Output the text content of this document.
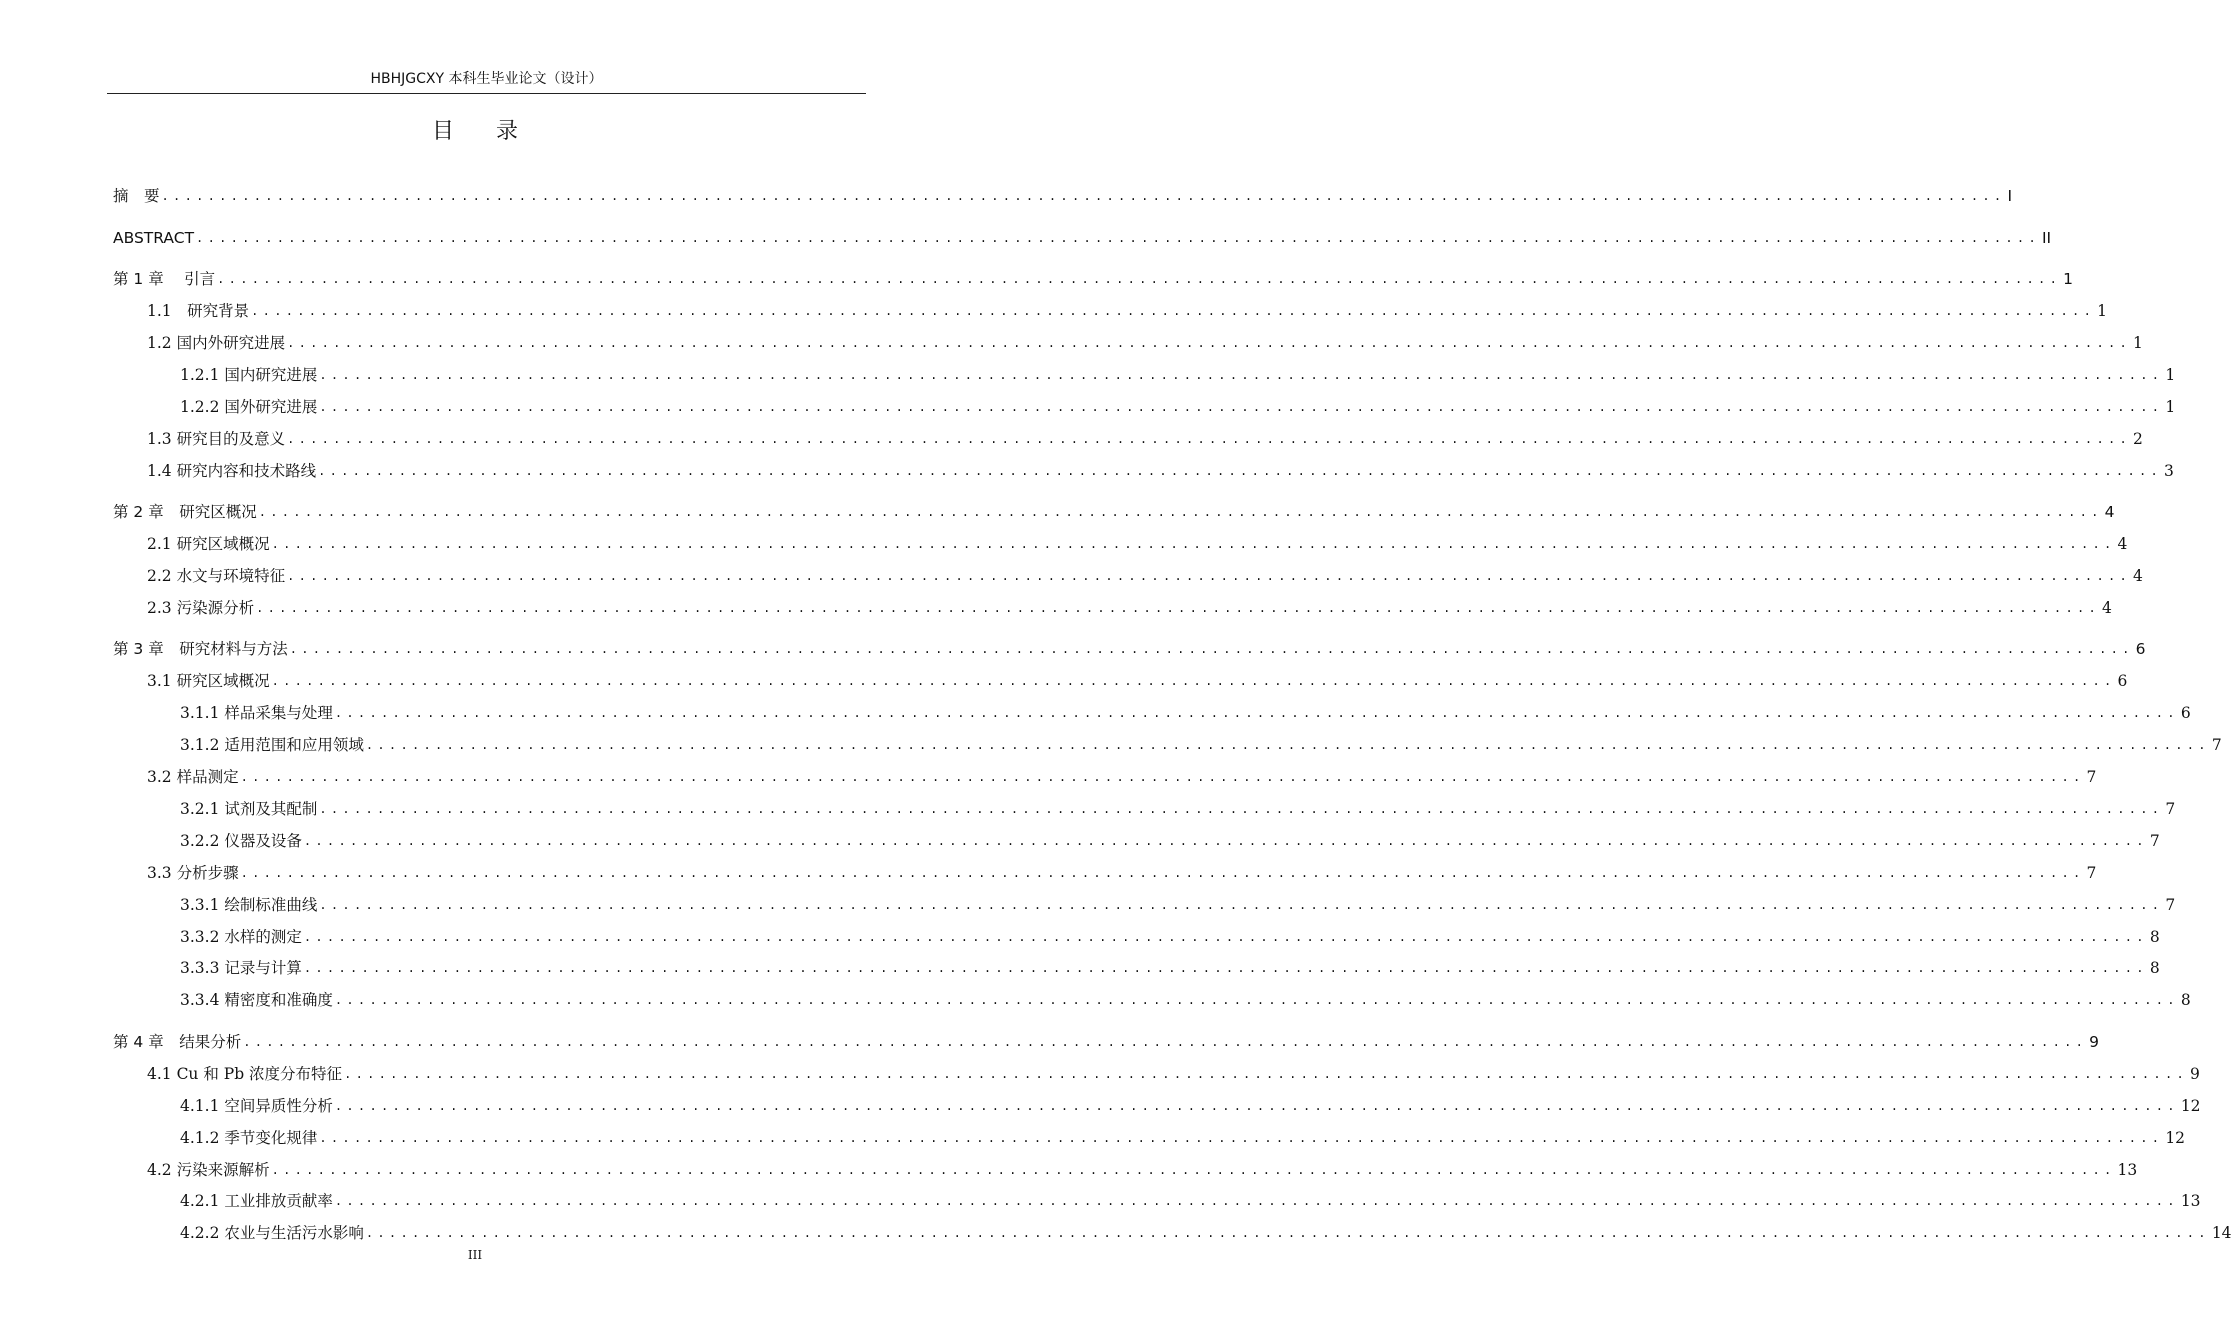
HBHJGCXY 本科生毕业论文（设计）
目录
摘　要 ................................................................................................................................................................ I
ABSTRACT ................................................................................................................................................................ II
第 1 章　 引言 ................................................................................................................................................................ 1
1.1　研究背景 ................................................................................................................................................................ 1
1.2 国内外研究进展 ................................................................................................................................................................ 1
1.2.1 国内研究进展 ................................................................................................................................................................ 1
1.2.2 国外研究进展 ................................................................................................................................................................ 1
1.3 研究目的及意义 ................................................................................................................................................................ 2
1.4 研究内容和技术路线 ................................................................................................................................................................ 3
第 2 章　研究区概况 ................................................................................................................................................................ 4
2.1 研究区域概况 ................................................................................................................................................................ 4
2.2 水文与环境特征 ................................................................................................................................................................ 4
2.3 污染源分析 ................................................................................................................................................................ 4
第 3 章　研究材料与方法 ................................................................................................................................................................ 6
3.1 研究区域概况 ................................................................................................................................................................ 6
3.1.1 样品采集与处理 ................................................................................................................................................................ 6
3.1.2 适用范围和应用领域 ................................................................................................................................................................ 7
3.2 样品测定 ................................................................................................................................................................ 7
3.2.1 试剂及其配制 ................................................................................................................................................................ 7
3.2.2 仪器及设备 ................................................................................................................................................................ 7
3.3 分析步骤 ................................................................................................................................................................ 7
3.3.1 绘制标准曲线 ................................................................................................................................................................ 7
3.3.2 水样的测定 ................................................................................................................................................................ 8
3.3.3 记录与计算 ................................................................................................................................................................ 8
3.3.4 精密度和准确度 ................................................................................................................................................................ 8
第 4 章　结果分析 ................................................................................................................................................................ 9
4.1 Cu 和 Pb 浓度分布特征 ................................................................................................................................................................ 9
4.1.1 空间异质性分析 ................................................................................................................................................................ 12
4.1.2 季节变化规律 ................................................................................................................................................................ 12
4.2 污染来源解析 ................................................................................................................................................................ 13
4.2.1 工业排放贡献率 ................................................................................................................................................................ 13
4.2.2 农业与生活污水影响 ................................................................................................................................................................ 14
III
